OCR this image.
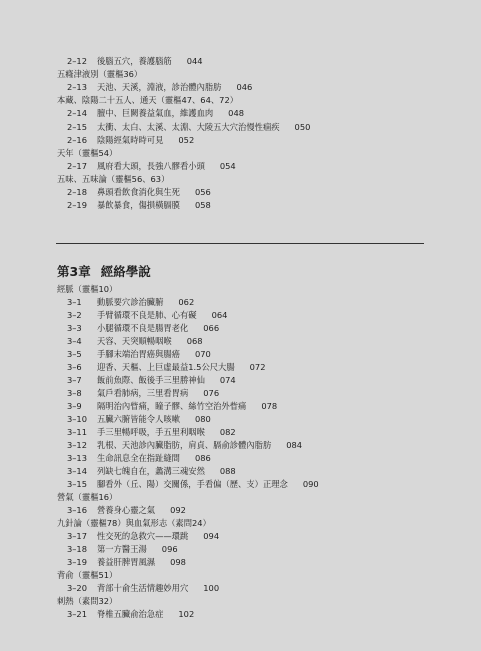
2–12 後腦五穴，養護腦筋 044
五癃津液別（靈樞36）
2–13 天池、天溪，淵液，診治體內脂肪 046
本藏、陰陽二十五人、通天（靈樞47、64、72）
2–14 膻中、巨闕養益氣血，維護血肉 048
2–15 太衝、太白、太溪、太淵、大陵五大穴治慢性痼疾 050
2–16 陰陽經氣時時可見 052
天年（靈樞54）
2–17 風府看大頭，長強八髎看小頭 054
五味、五味論（靈樞56、63）
2–18 鼻頭看飲食消化與生死 056
2–19 暴飲暴食，傷損橫膈膜 058
第3章 經絡學說
經脈（靈樞10）
3–1 動脈要穴診治臟腑 062
3–2 手臂循環不良是肺、心有礙 064
3–3 小腿循環不良是腸胃老化 066
3–4 天容、天突順暢咽喉 068
3–5 手腳末端治胃癌與腸癌 070
3–6 迎香、天樞、上巨虛最益1.5公尺大腸 072
3–7 飯前魚際、飯後手三里勝神仙 074
3–8 氣戶看肺病，三里看胃病 076
3–9 隔明治內眥痛，瞳子髎、絲竹空治外眥痛 078
3–10 五臟六腑皆能令人咳嗽 080
3–11 手三里暢呼吸，手五里利咽喉 082
3–12 乳根、天池診內臟脂肪，肩貞、膈俞診體內脂肪 084
3–13 生命訊息全在指趾縫間 086
3–14 列缺七魄自在，蠡溝三魂安然 088
3–15 腳看外（丘、陽）交關係，手看偏（歷、支）正理念 090
營氣（靈樞16）
3–16 營養身心靈之氣 092
九針論（靈樞78）與血氣形志（素問24）
3–17 性交死的急救穴——環跳 094
3–18 第一方醫王湯 096
3–19 養益肝脾胃風濕 098
背俞（靈樞51）
3–20 背部十俞生活情趣妙用穴 100
刺熱（素問32）
3–21 脊椎五臟俞治急症 102
